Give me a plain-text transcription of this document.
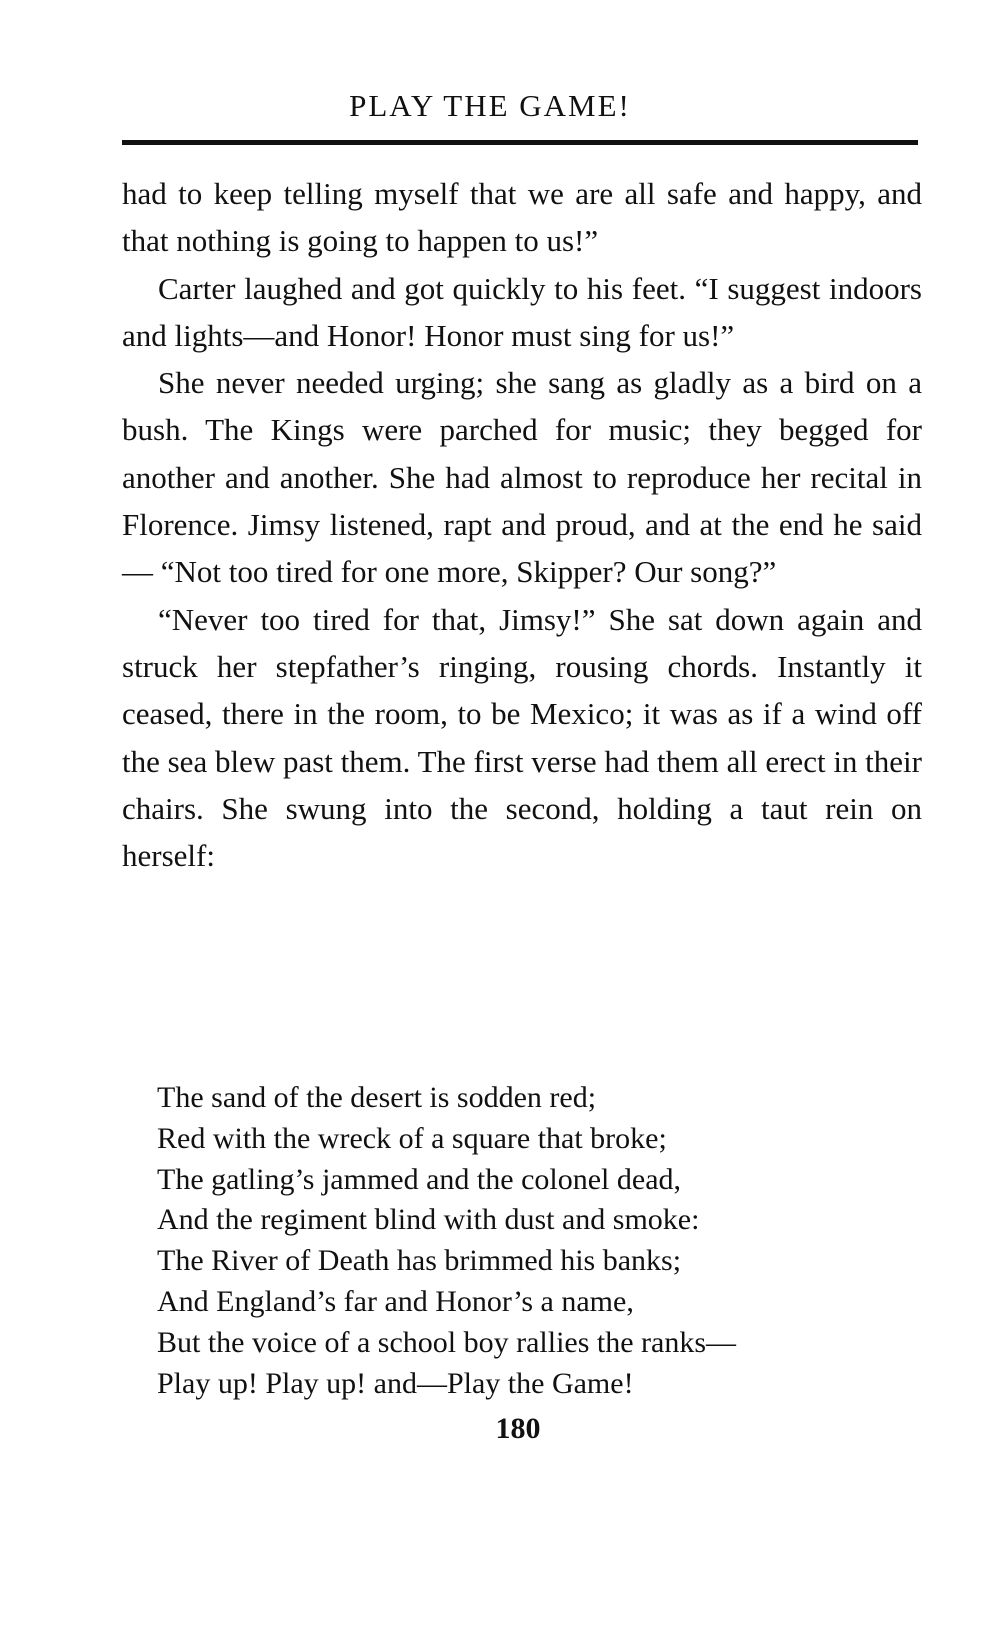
PLAY THE GAME!

had to keep telling myself that we are all safe and happy, and that nothing is going to happen to us!”

Carter laughed and got quickly to his feet. “I suggest indoors and lights—and Honor! Honor must sing for us!”

She never needed urging; she sang as gladly as a bird on a bush. The Kings were parched for music; they begged for another and another. She had almost to reproduce her recital in Florence. Jimsy listened, rapt and proud, and at the end he said— “Not too tired for one more, Skipper? Our song?”

“Never too tired for that, Jimsy!” She sat down again and struck her stepfather’s ringing, rousing chords. Instantly it ceased, there in the room, to be Mexico; it was as if a wind off the sea blew past them. The first verse had them all erect in their chairs. She swung into the second, holding a taut rein on herself:

The sand of the desert is sodden red;
Red with the wreck of a square that broke;
The gatling’s jammed and the colonel dead,
And the regiment blind with dust and smoke:
The River of Death has brimmed his banks;
And England’s far and Honor’s a name,
But the voice of a school boy rallies the ranks—
Play up! Play up! and—Play the Game!
180
